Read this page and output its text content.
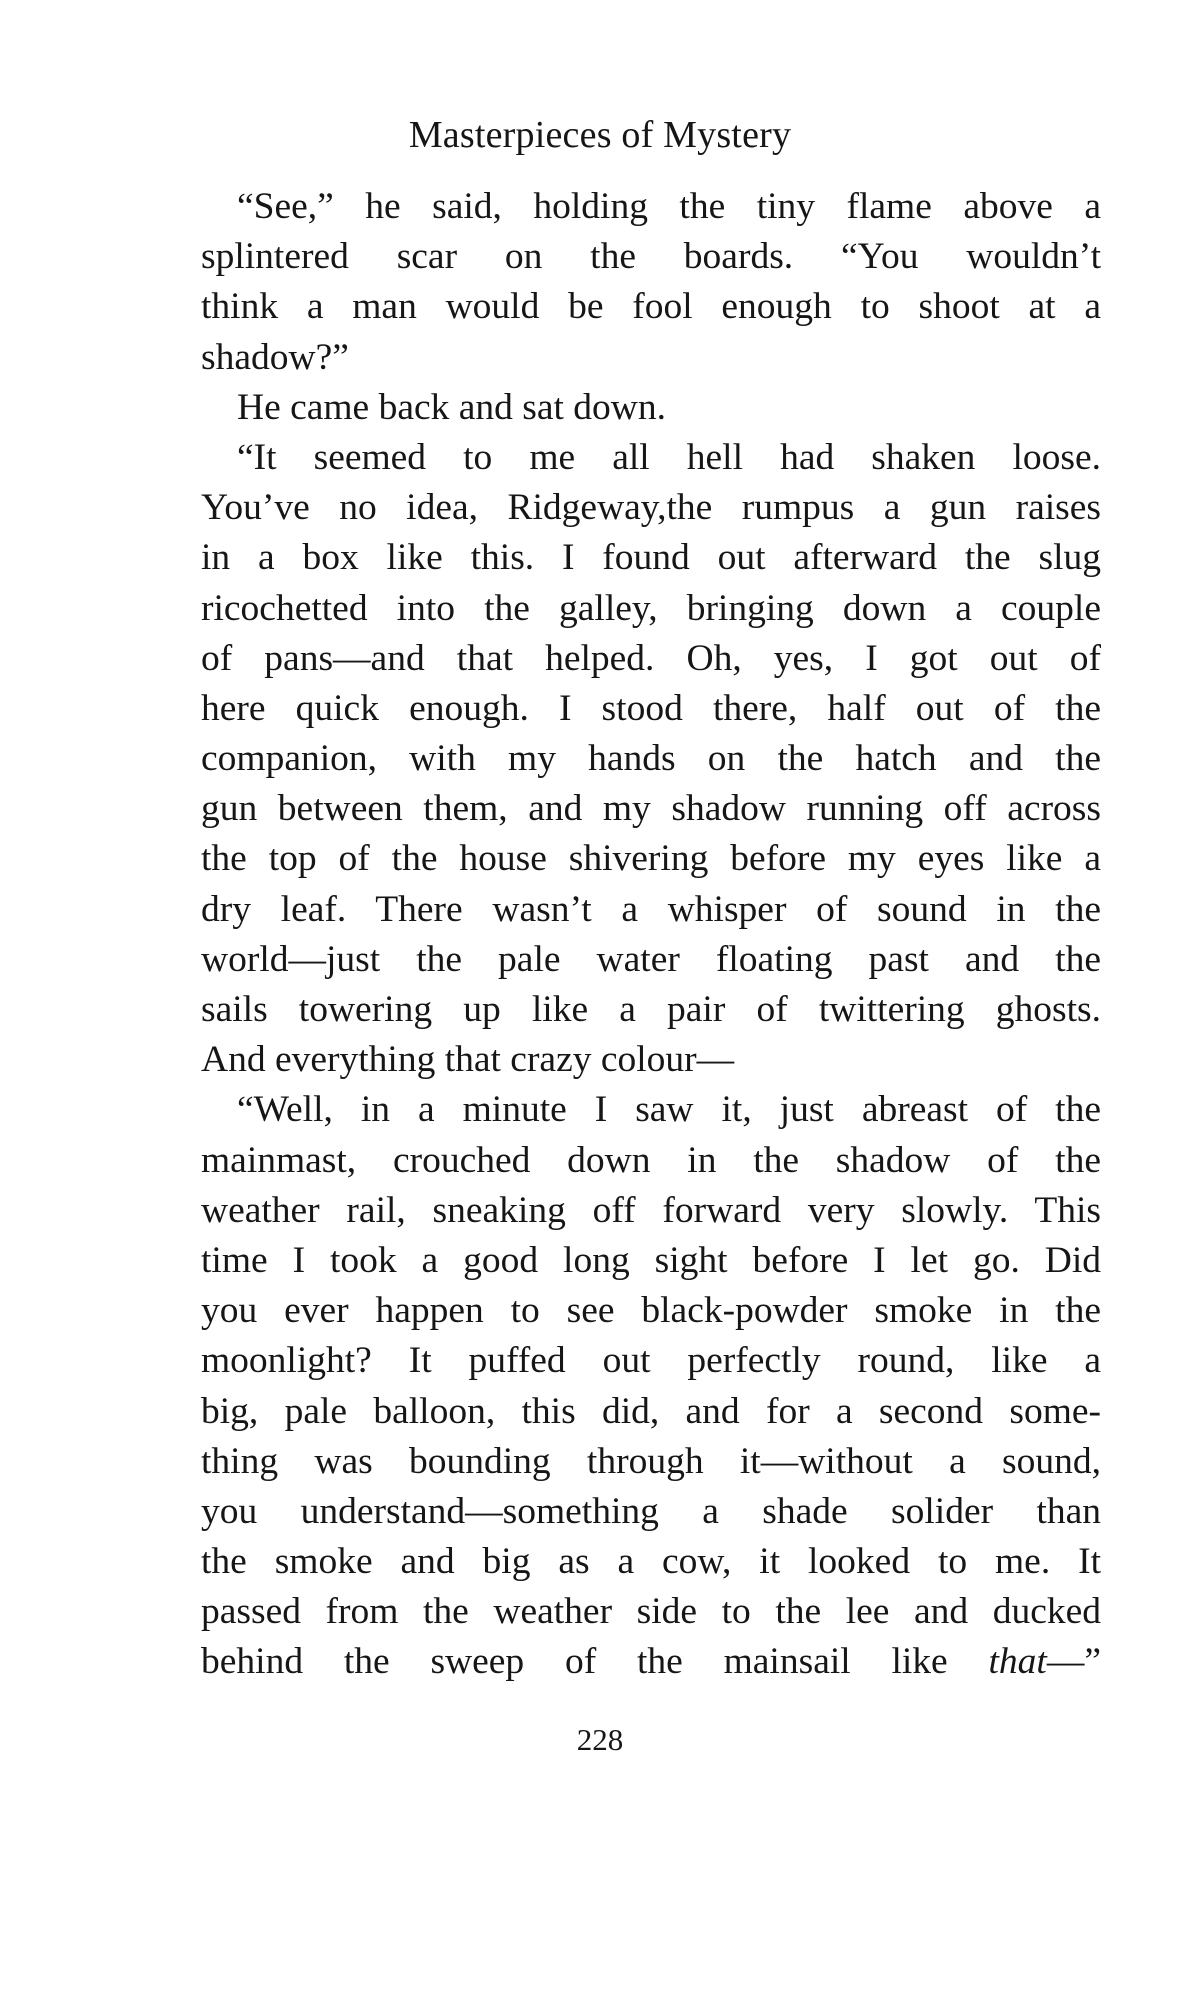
Masterpieces of Mystery
“See,” he said, holding the tiny flame above a
splintered scar on the boards. “You wouldn’t
think a man would be fool enough to shoot at a
shadow?”
He came back and sat down.
“It seemed to me all hell had shaken loose.
You’ve no idea, Ridgeway,the rumpus a gun raises
in a box like this. I found out afterward the slug
ricochetted into the galley, bringing down a couple
of pans—and that helped. Oh, yes, I got out of
here quick enough. I stood there, half out of the
companion, with my hands on the hatch and the
gun between them, and my shadow running off across
the top of the house shivering before my eyes like a
dry leaf. There wasn’t a whisper of sound in the
world—just the pale water floating past and the
sails towering up like a pair of twittering ghosts.
And everything that crazy colour—
“Well, in a minute I saw it, just abreast of the
mainmast, crouched down in the shadow of the
weather rail, sneaking off forward very slowly. This
time I took a good long sight before I let go. Did
you ever happen to see black-powder smoke in the
moonlight? It puffed out perfectly round, like a
big, pale balloon, this did, and for a second some-
thing was bounding through it—without a sound,
you understand—something a shade solider than
the smoke and big as a cow, it looked to me. It
passed from the weather side to the lee and ducked
behind the sweep of the mainsail like that—”
228
